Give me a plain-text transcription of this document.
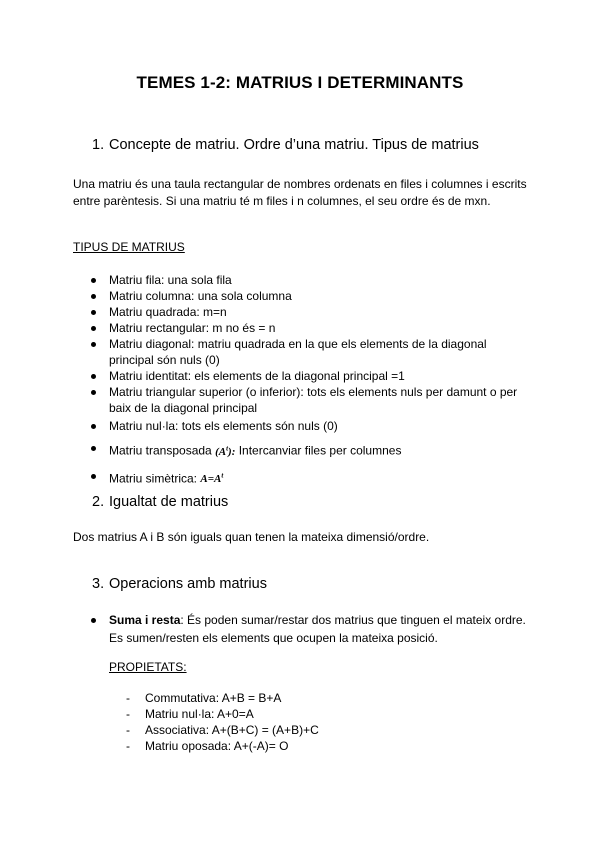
TEMES 1-2: MATRIUS I DETERMINANTS
1. Concepte de matriu. Ordre d’una matriu. Tipus de matrius
Una matriu és una taula rectangular de nombres ordenats en files i columnes i escrits entre parèntesis. Si una matriu té m files i n columnes, el seu ordre és de mxn.
TIPUS DE MATRIUS
Matriu fila: una sola fila
Matriu columna: una sola columna
Matriu quadrada: m=n
Matriu rectangular: m no és = n
Matriu diagonal: matriu quadrada en la que els elements de la diagonal principal són nuls (0)
Matriu identitat: els elements de la diagonal principal =1
Matriu triangular superior (o inferior): tots els elements nuls per damunt o per baix de la diagonal principal
Matriu nul·la: tots els elements són nuls (0)
Matriu transposada $(A^t)$: Intercanviar files per columnes
Matriu simètrica: $A=A^t$
2. Igualtat de matrius
Dos matrius A i B són iguals quan tenen la mateixa dimensió/ordre.
3. Operacions amb matrius
Suma i resta: És poden sumar/restar dos matrius que tinguen el mateix ordre. Es sumen/resten els elements que ocupen la mateixa posició.
PROPIETATS:
- Commutativa: A+B = B+A
- Matriu nul·la: A+0=A
- Associativa: A+(B+C) = (A+B)+C
- Matriu oposada: A+(-A)= O
